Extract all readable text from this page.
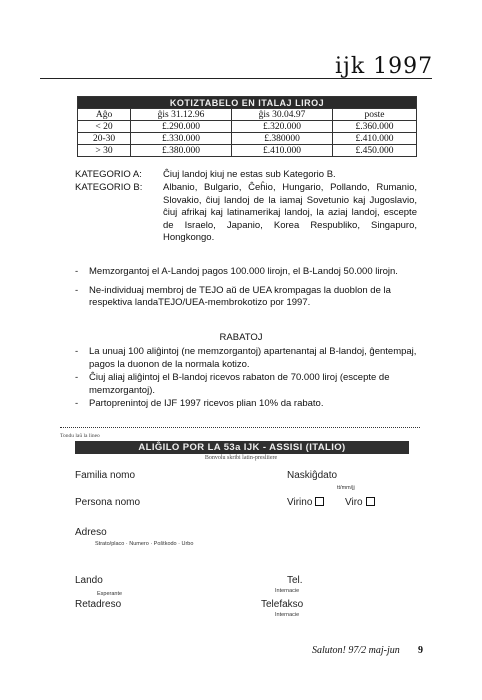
ijk 1997
KOTIZTABELO EN ITALAJ LIROJ			
Aĝo	ĝis 31.12.96	ĝis 30.04.97	poste
< 20	£.290.000	£.320.000	£.360.000
20-30	£.330.000	£.380000	£.410.000
> 30	£.380.000	£.410.000	£.450.000
KATEGORIO A:	Ĉiuj landoj kiuj ne estas sub Kategorio B.
KATEGORIO B:	Albanio, Bulgario, Ĉeĥio, Hungario, Pollando, Rumanio, Slovakio, ĉiuj landoj de la iamaj Sovetunio kaj Jugoslavio, ĉiuj afrikaj kaj latinamerikaj landoj, la aziaj landoj, escepte de Israelo, Japanio, Korea Respubliko, Singapuro, Hongkongo.
- Memzorgantoj el A-Landoj pagos 100.000 lirojn, el B-Landoj 50.000 lirojn.
- Ne-individuaj membroj de TEJO aŭ de UEA krompagas la duoblon de la respektiva landaTEJO/UEA-membrokotizo por 1997.
RABATOJ
- La unuaj 100 aliĝintoj (ne memzorgantoj) apartenantaj al B-landoj, ĝentempaj, pagos la duonon de la normala kotizo.
- Ĉiuj aliaj aliĝintoj el B-landoj ricevos rabaton de 70.000 liroj (escepte de memzorgantoj).
- Partoprenintoj de IJF 1997 ricevos plian 10% da rabato.
Tondu laŭ la lineo
ALIĜILO POR LA 53a IJK - ASSISI (ITALIO)
Bonvolu skribi latin-presliiere
Familia nomo	Naskiĝdato
tt/mm/jj
Persona nomo	Virino	Viro
Adreso
Strato/placo · Numero · Poštkodo · Urbo
Lando
Esperante
Tel.
Internacie
Retadreso	Telefakso
Internacie
Saluton! 97/2 maj-jun 9
